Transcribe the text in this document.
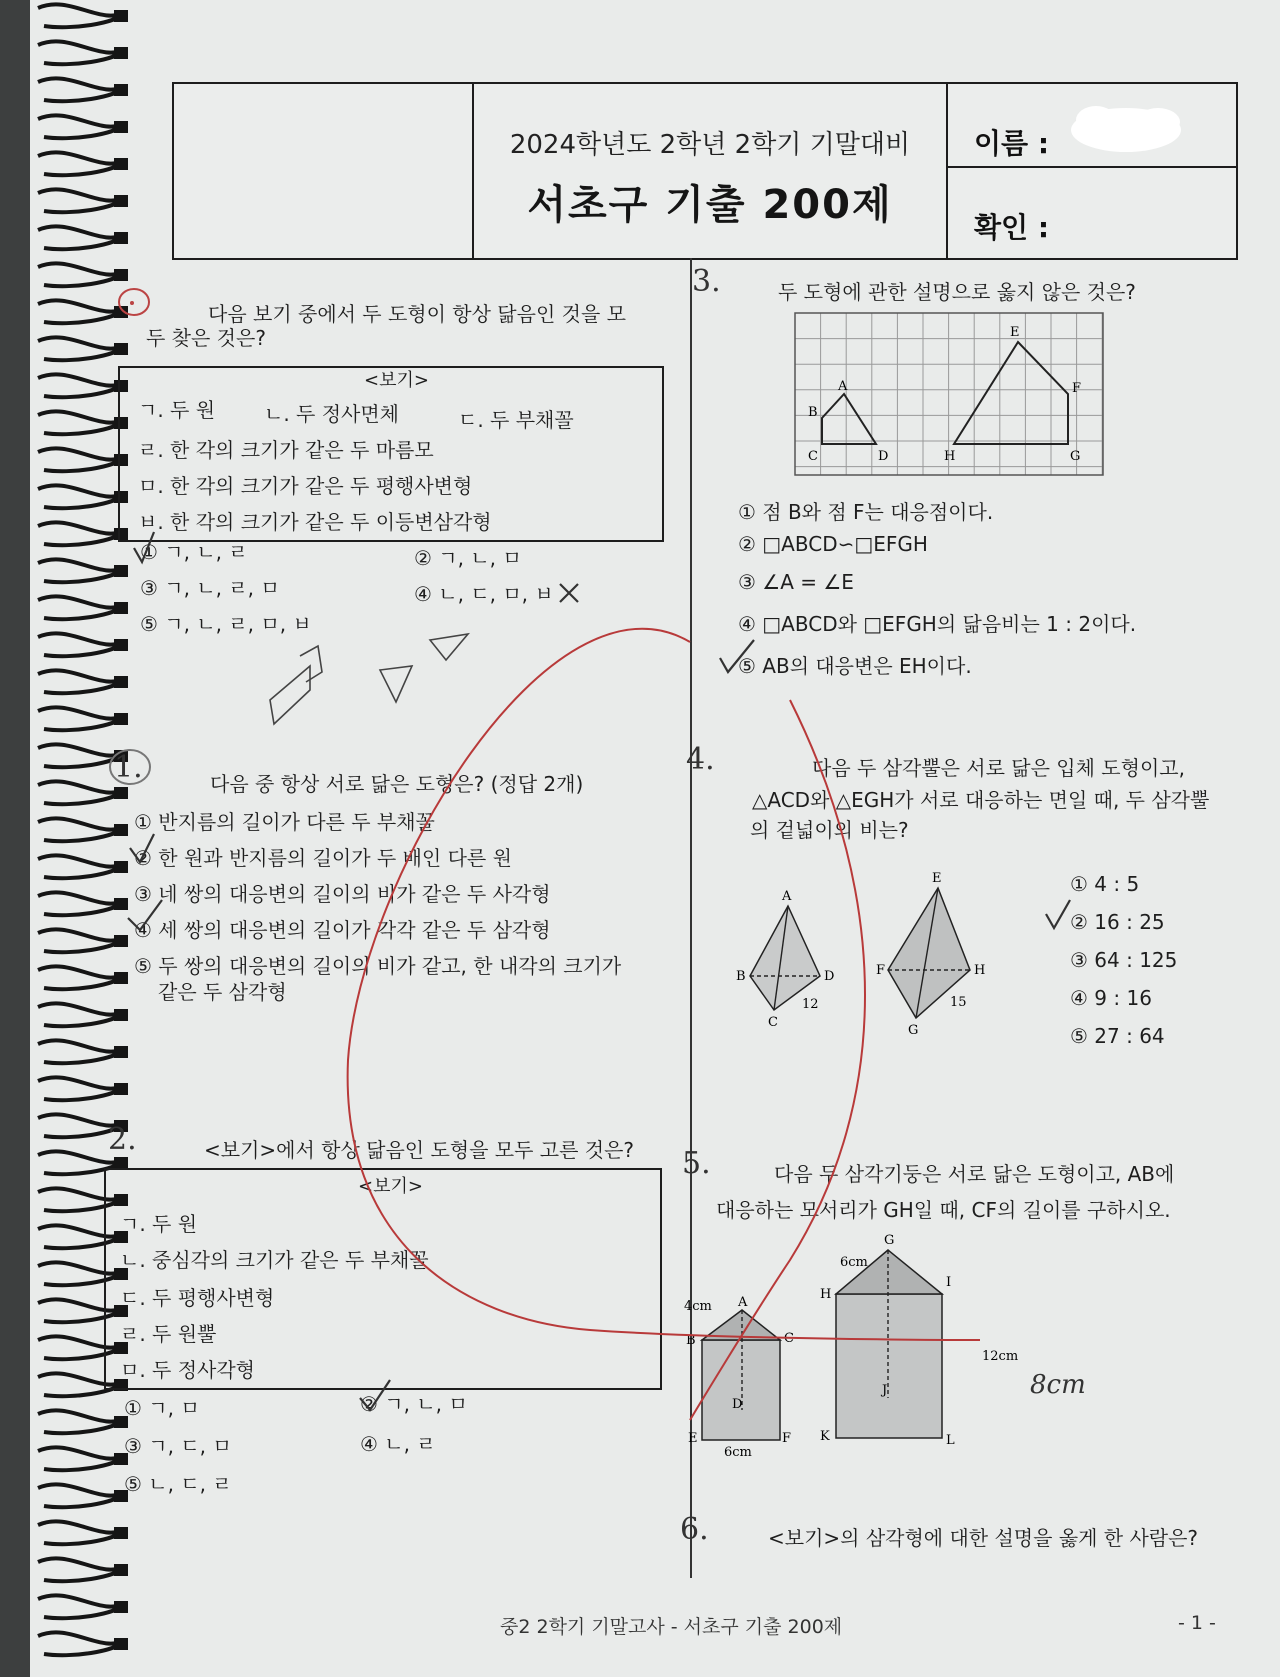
2024학년도 2학년 2학기 기말대비
서초구 기출 200제
이름 :
확인 :
다음 보기 중에서 두 도형이 항상 닮음인 것을 모
두 찾은 것은?
<보기>
ㄱ. 두 원 ㄴ. 두 정사면체	ㄷ. 두 부채꼴
ㄹ. 한 각의 크기가 같은 두 마름모
ㅁ. 한 각의 크기가 같은 두 평행사변형
ㅂ. 한 각의 크기가 같은 두 이등변삼각형
① ㄱ, ㄴ, ㄹ	② ㄱ, ㄴ, ㅁ
③ ㄱ, ㄴ, ㄹ, ㅁ	④ ㄴ, ㄷ, ㅁ, ㅂ
⑤ ㄱ, ㄴ, ㄹ, ㅁ, ㅂ
1.	다음 중 항상 서로 닮은 도형은? (정답 2개)
① 반지름의 길이가 다른 두 부채꼴
② 한 원과 반지름의 길이가 두 배인 다른 원
③ 네 쌍의 대응변의 길이의 비가 같은 두 사각형
④ 세 쌍의 대응변의 길이가 각각 같은 두 삼각형
⑤ 두 쌍의 대응변의 길이의 비가 같고, 한 내각의 크기가
같은 두 삼각형
2.	<보기>에서 항상 닮음인 도형을 모두 고른 것은?
<보기>
ㄱ. 두 원
ㄴ. 중심각의 크기가 같은 두 부채꼴
ㄷ. 두 평행사변형
ㄹ. 두 원뿔
ㅁ. 두 정사각형
① ㄱ, ㅁ	② ㄱ, ㄴ, ㅁ
③ ㄱ, ㄷ, ㅁ	④ ㄴ, ㄹ
⑤ ㄴ, ㄷ, ㄹ
3.	두 도형에 관한 설명으로 옳지 않은 것은?
A
B
C	D
E
F
H	G
① 점 B와 점 F는 대응점이다.
② □ABCD∽□EFGH
③ ∠A = ∠E
④ □ABCD와 □EFGH의 닮음비는 1 : 2이다.
⑤ AB의 대응변은 EH이다.
4.	다음 두 삼각뿔은 서로 닮은 입체 도형이고,
△ACD와 △EGH가 서로 대응하는 면일 때, 두 삼각뿔
의 겉넓이의 비는?
A
B	D
C
12
E
F	H
G
15
① 4 : 5
② 16 : 25
③ 64 : 125
④ 9 : 16
⑤ 27 : 64
5.	다음 두 삼각기둥은 서로 닮은 도형이고, AB에
대응하는 모서리가 GH일 때, CF의 길이를 구하시오.
4cm A
B	C
D
E	F
6cm
6cm
G
H
I
J
K	L
12cm
8cm
6.	<보기>의 삼각형에 대한 설명을 옳게 한 사람은?
중2 2학기 기말고사 - 서초구 기출 200제	- 1 -
